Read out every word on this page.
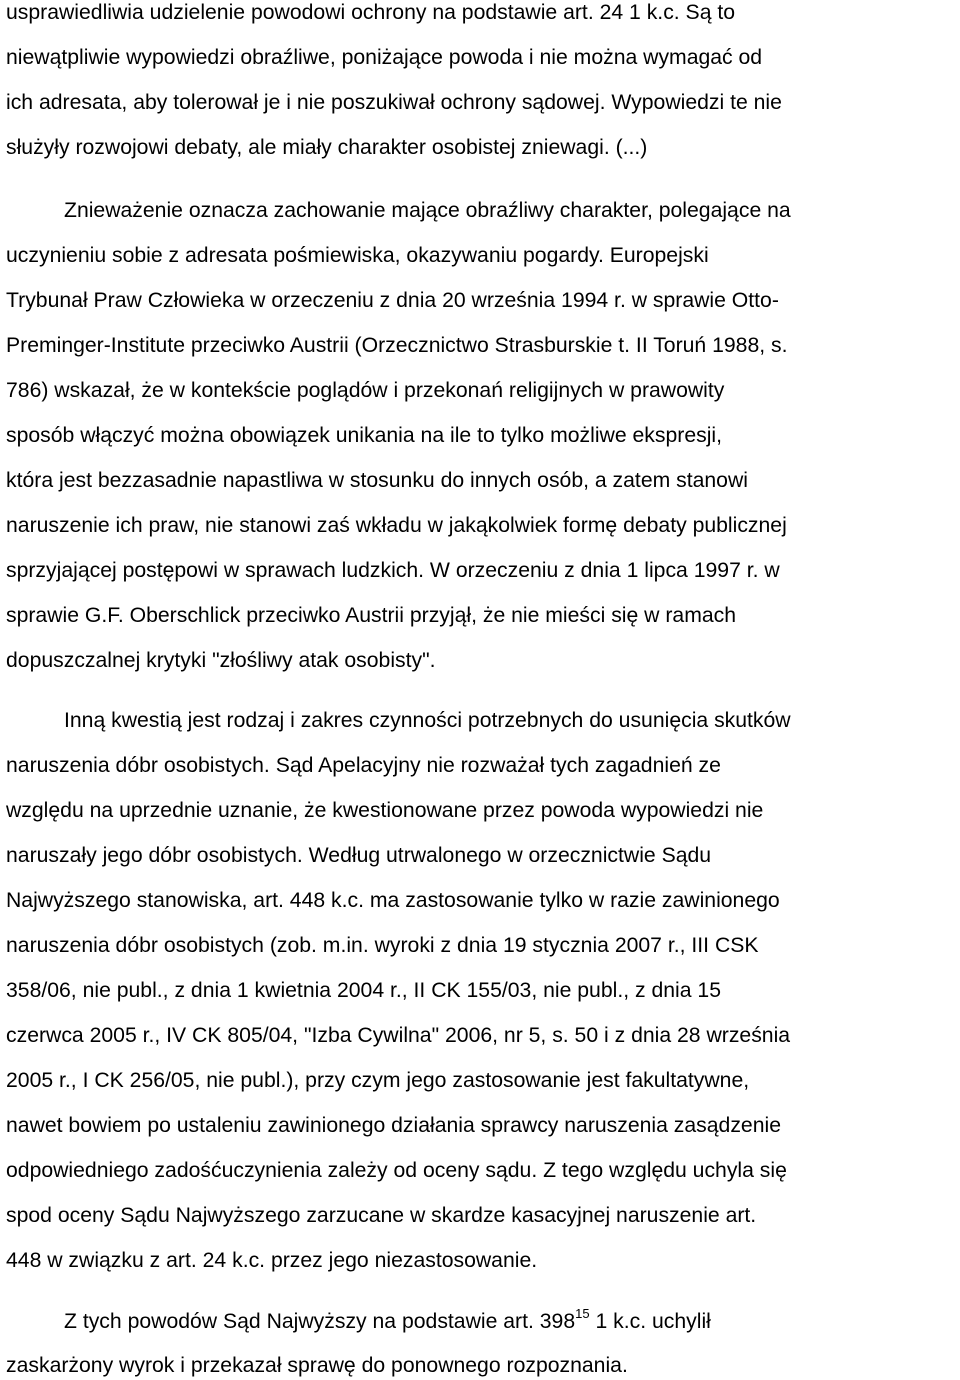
usprawiedliwia udzielenie powodowi ochrony na podstawie art. 24 1 k.c. Są to
niewątpliwie wypowiedzi obraźliwe, poniżające powoda i nie można wymagać od
ich adresata, aby tolerował je i nie poszukiwał ochrony sądowej. Wypowiedzi te nie
służyły rozwojowi debaty, ale miały charakter osobistej zniewagi. (...)
Znieważenie oznacza zachowanie mające obraźliwy charakter, polegające na
uczynieniu sobie z adresata pośmiewiska, okazywaniu pogardy. Europejski
Trybunał Praw Człowieka w orzeczeniu z dnia 20 września 1994 r. w sprawie Otto-
Preminger-Institute przeciwko Austrii (Orzecznictwo Strasburskie t. II Toruń 1988, s.
786) wskazał, że w kontekście poglądów i przekonań religijnych w prawowity
sposób włączyć można obowiązek unikania na ile to tylko możliwe ekspresji,
która jest bezzasadnie napastliwa w stosunku do innych osób, a zatem stanowi
naruszenie ich praw, nie stanowi zaś wkładu w jakąkolwiek formę debaty publicznej
sprzyjającej postępowi w sprawach ludzkich. W orzeczeniu z dnia 1 lipca 1997 r. w
sprawie G.F. Oberschlick przeciwko Austrii przyjął, że nie mieści się w ramach
dopuszczalnej krytyki "złośliwy atak osobisty".
Inną kwestią jest rodzaj i zakres czynności potrzebnych do usunięcia skutków
naruszenia dóbr osobistych. Sąd Apelacyjny nie rozważał tych zagadnień ze
względu na uprzednie uznanie, że kwestionowane przez powoda wypowiedzi nie
naruszały jego dóbr osobistych. Według utrwalonego w orzecznictwie Sądu
Najwyższego stanowiska, art. 448 k.c. ma zastosowanie tylko w razie zawinionego
naruszenia dóbr osobistych (zob. m.in. wyroki z dnia 19 stycznia 2007 r., III CSK
358/06, nie publ., z dnia 1 kwietnia 2004 r., II CK 155/03, nie publ., z dnia 15
czerwca 2005 r., IV CK 805/04, "Izba Cywilna" 2006, nr 5, s. 50 i z dnia 28 września
2005 r., I CK 256/05, nie publ.), przy czym jego zastosowanie jest fakultatywne,
nawet bowiem po ustaleniu zawinionego działania sprawcy naruszenia zasądzenie
odpowiedniego zadośćuczynienia zależy od oceny sądu. Z tego względu uchyla się
spod oceny Sądu Najwyższego zarzucane w skardze kasacyjnej naruszenie art.
448 w związku z art. 24 k.c. przez jego niezastosowanie.
Z tych powodów Sąd Najwyższy na podstawie art. $398^{15}$ 1 k.c. uchylił
zaskarżony wyrok i przekazał sprawę do ponownego rozpoznania.
